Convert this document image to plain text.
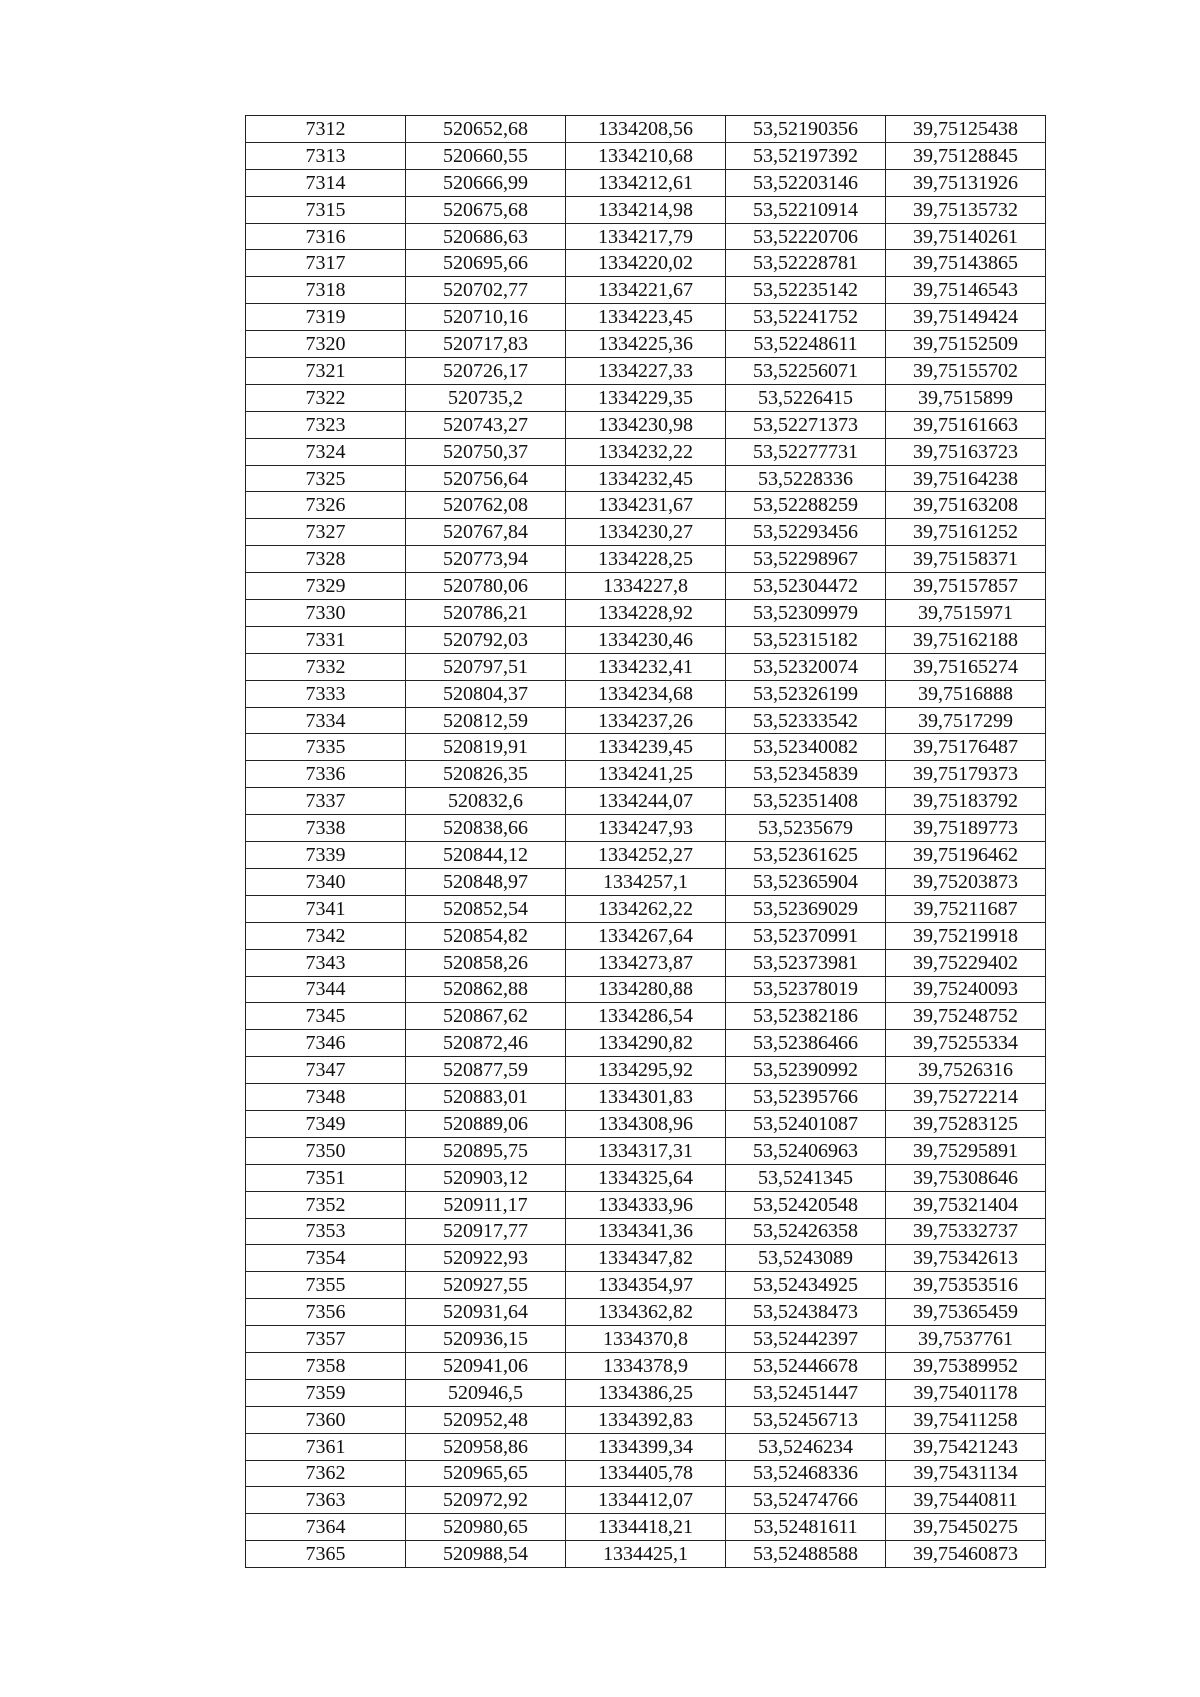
7312	520652,68	1334208,56	53,52190356	39,75125438
7313	520660,55	1334210,68	53,52197392	39,75128845
7314	520666,99	1334212,61	53,52203146	39,75131926
7315	520675,68	1334214,98	53,52210914	39,75135732
7316	520686,63	1334217,79	53,52220706	39,75140261
7317	520695,66	1334220,02	53,52228781	39,75143865
7318	520702,77	1334221,67	53,52235142	39,75146543
7319	520710,16	1334223,45	53,52241752	39,75149424
7320	520717,83	1334225,36	53,52248611	39,75152509
7321	520726,17	1334227,33	53,52256071	39,75155702
7322	520735,2	1334229,35	53,5226415	39,7515899
7323	520743,27	1334230,98	53,52271373	39,75161663
7324	520750,37	1334232,22	53,52277731	39,75163723
7325	520756,64	1334232,45	53,5228336	39,75164238
7326	520762,08	1334231,67	53,52288259	39,75163208
7327	520767,84	1334230,27	53,52293456	39,75161252
7328	520773,94	1334228,25	53,52298967	39,75158371
7329	520780,06	1334227,8	53,52304472	39,75157857
7330	520786,21	1334228,92	53,52309979	39,7515971
7331	520792,03	1334230,46	53,52315182	39,75162188
7332	520797,51	1334232,41	53,52320074	39,75165274
7333	520804,37	1334234,68	53,52326199	39,7516888
7334	520812,59	1334237,26	53,52333542	39,7517299
7335	520819,91	1334239,45	53,52340082	39,75176487
7336	520826,35	1334241,25	53,52345839	39,75179373
7337	520832,6	1334244,07	53,52351408	39,75183792
7338	520838,66	1334247,93	53,5235679	39,75189773
7339	520844,12	1334252,27	53,52361625	39,75196462
7340	520848,97	1334257,1	53,52365904	39,75203873
7341	520852,54	1334262,22	53,52369029	39,75211687
7342	520854,82	1334267,64	53,52370991	39,75219918
7343	520858,26	1334273,87	53,52373981	39,75229402
7344	520862,88	1334280,88	53,52378019	39,75240093
7345	520867,62	1334286,54	53,52382186	39,75248752
7346	520872,46	1334290,82	53,52386466	39,75255334
7347	520877,59	1334295,92	53,52390992	39,7526316
7348	520883,01	1334301,83	53,52395766	39,75272214
7349	520889,06	1334308,96	53,52401087	39,75283125
7350	520895,75	1334317,31	53,52406963	39,75295891
7351	520903,12	1334325,64	53,5241345	39,75308646
7352	520911,17	1334333,96	53,52420548	39,75321404
7353	520917,77	1334341,36	53,52426358	39,75332737
7354	520922,93	1334347,82	53,5243089	39,75342613
7355	520927,55	1334354,97	53,52434925	39,75353516
7356	520931,64	1334362,82	53,52438473	39,75365459
7357	520936,15	1334370,8	53,52442397	39,7537761
7358	520941,06	1334378,9	53,52446678	39,75389952
7359	520946,5	1334386,25	53,52451447	39,75401178
7360	520952,48	1334392,83	53,52456713	39,75411258
7361	520958,86	1334399,34	53,5246234	39,75421243
7362	520965,65	1334405,78	53,52468336	39,75431134
7363	520972,92	1334412,07	53,52474766	39,75440811
7364	520980,65	1334418,21	53,52481611	39,75450275
7365	520988,54	1334425,1	53,52488588	39,75460873
